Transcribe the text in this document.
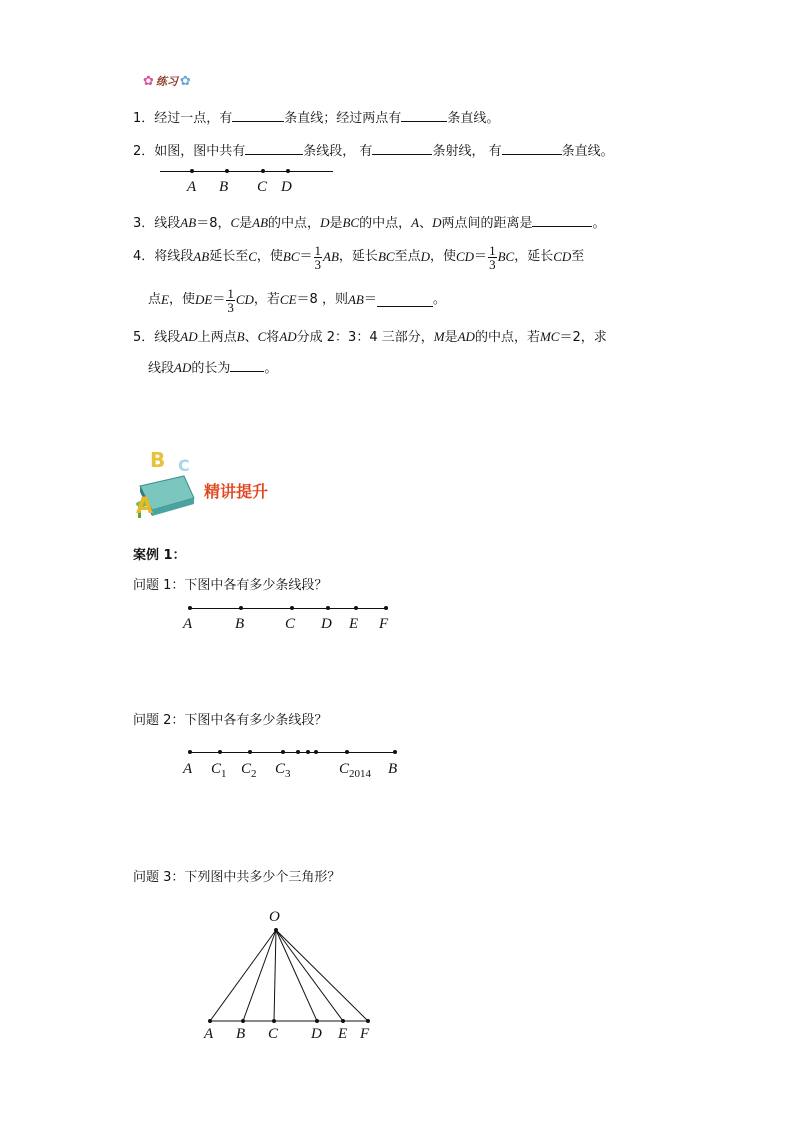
✿ 练习 ✿
1．经过一点，有	条直线；经过两点有	条直线。
2．如图，图中共有	条线段， 有	条射线， 有	条直线。
A B C D
3．线段AB＝8，C是AB的中点，D是BC的中点，A、D两点间的距离是	。
4． 将线段 AB 延长至 C ，使 BC ＝ $\frac{1}{3}$ AB ，延长 BC 至点 D ，使 CD ＝ $\frac{1}{3}$ BC ，延长 CD 至
点 E ，使 DE ＝ $\frac{1}{3}$ CD ，若 CE ＝8 ，则 AB ＝	。
5．线段AD上两点B、C将AD分成 2：3：4 三部分，M是AD的中点，若MC＝2，求
线段AD的长为	。
A
B C
精讲提升
案例 1：
问题 1：下图中各有多少条线段？
A	B	C D E F
问题 2：下图中各有多少条线段？
A $C_1$ $C_2$ $C_3$	$C_{2014}$ B
问题 3：下列图中共多少个三角形？
O
A B C D E F
